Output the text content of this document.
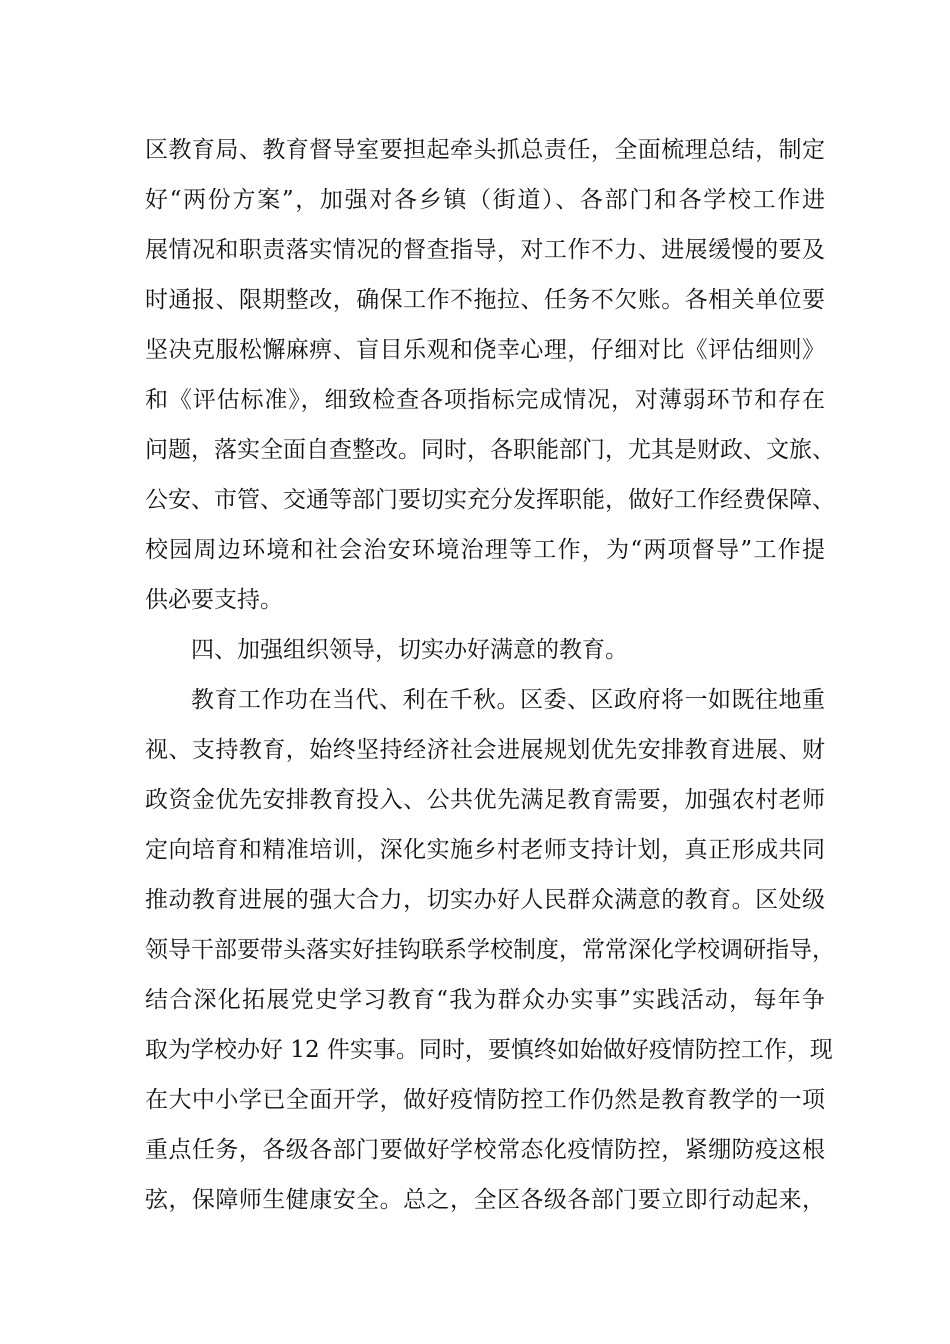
区教育局、教育督导室要担起牵头抓总责任，全面梳理总结，制定
好“两份方案”，加强对各乡镇（街道）、各部门和各学校工作进
展情况和职责落实情况的督查指导，对工作不力、进展缓慢的要及
时通报、限期整改，确保工作不拖拉、任务不欠账。各相关单位要
坚决克服松懈麻痹、盲目乐观和侥幸心理，仔细对比《评估细则》
和《评估标准》，细致检查各项指标完成情况，对薄弱环节和存在
问题，落实全面自查整改。同时，各职能部门，尤其是财政、文旅、
公安、市管、交通等部门要切实充分发挥职能，做好工作经费保障、
校园周边环境和社会治安环境治理等工作，为“两项督导”工作提
供必要支持。
四、加强组织领导，切实办好满意的教育。
教育工作功在当代、利在千秋。区委、区政府将一如既往地重
视、支持教育，始终坚持经济社会进展规划优先安排教育进展、财
政资金优先安排教育投入、公共优先满足教育需要，加强农村老师
定向培育和精准培训，深化实施乡村老师支持计划，真正形成共同
推动教育进展的强大合力，切实办好人民群众满意的教育。区处级
领导干部要带头落实好挂钩联系学校制度，常常深化学校调研指导，
结合深化拓展党史学习教育“我为群众办实事”实践活动，每年争
取为学校办好 12 件实事。同时，要慎终如始做好疫情防控工作，现
在大中小学已全面开学，做好疫情防控工作仍然是教育教学的一项
重点任务，各级各部门要做好学校常态化疫情防控，紧绷防疫这根
弦，保障师生健康安全。总之，全区各级各部门要立即行动起来，
